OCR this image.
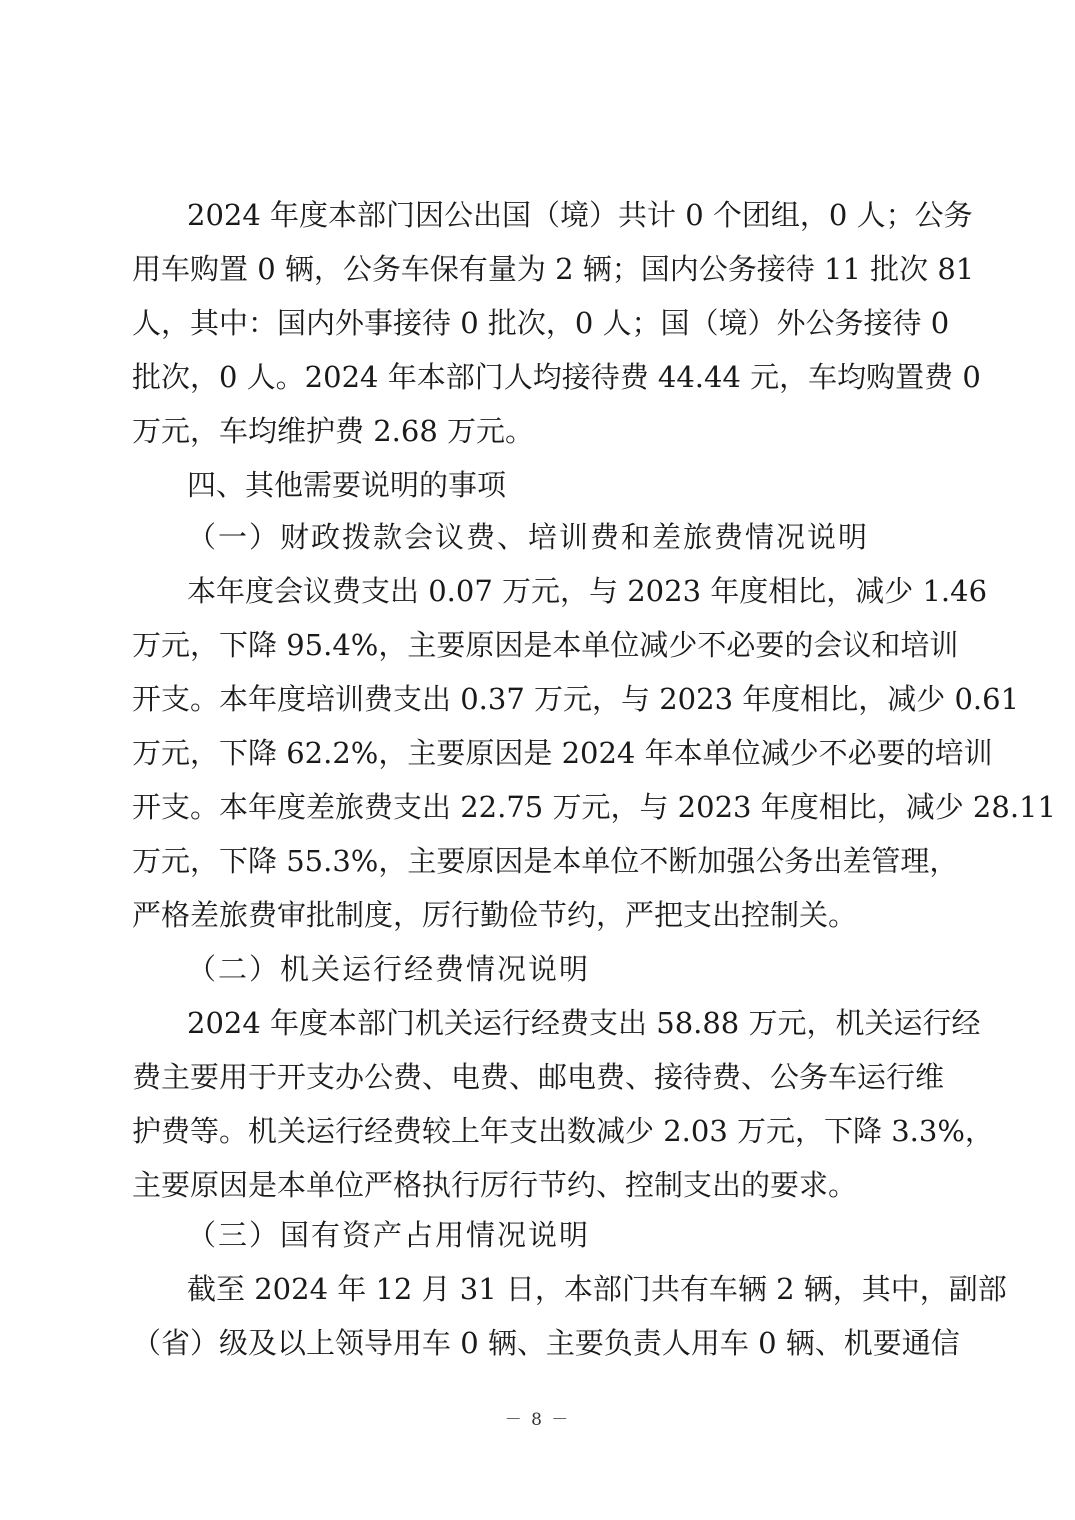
2024 年度本部门因公出国（境）共计 0 个团组，0 人；公务
用车购置 0 辆，公务车保有量为 2 辆；国内公务接待 11 批次 81
人，其中：国内外事接待 0 批次，0 人；国（境）外公务接待 0
批次，0 人。2024 年本部门人均接待费 44.44 元，车均购置费 0
万元，车均维护费 2.68 万元。
四、其他需要说明的事项
（一）财政拨款会议费、培训费和差旅费情况说明
本年度会议费支出 0.07 万元，与 2023 年度相比，减少 1.46
万元，下降 95.4%，主要原因是本单位减少不必要的会议和培训
开支。本年度培训费支出 0.37 万元，与 2023 年度相比，减少 0.61
万元，下降 62.2%，主要原因是 2024 年本单位减少不必要的培训
开支。本年度差旅费支出 22.75 万元，与 2023 年度相比，减少 28.11
万元，下降 55.3%，主要原因是本单位不断加强公务出差管理，
严格差旅费审批制度，厉行勤俭节约，严把支出控制关。
（二）机关运行经费情况说明
2024 年度本部门机关运行经费支出 58.88 万元，机关运行经
费主要用于开支办公费、电费、邮电费、接待费、公务车运行维
护费等。机关运行经费较上年支出数减少 2.03 万元，下降 3.3%，
主要原因是本单位严格执行厉行节约、控制支出的要求。
（三）国有资产占用情况说明
截至 2024 年 12 月 31 日，本部门共有车辆 2 辆，其中，副部
（省）级及以上领导用车 0 辆、主要负责人用车 0 辆、机要通信
－ 8 －
